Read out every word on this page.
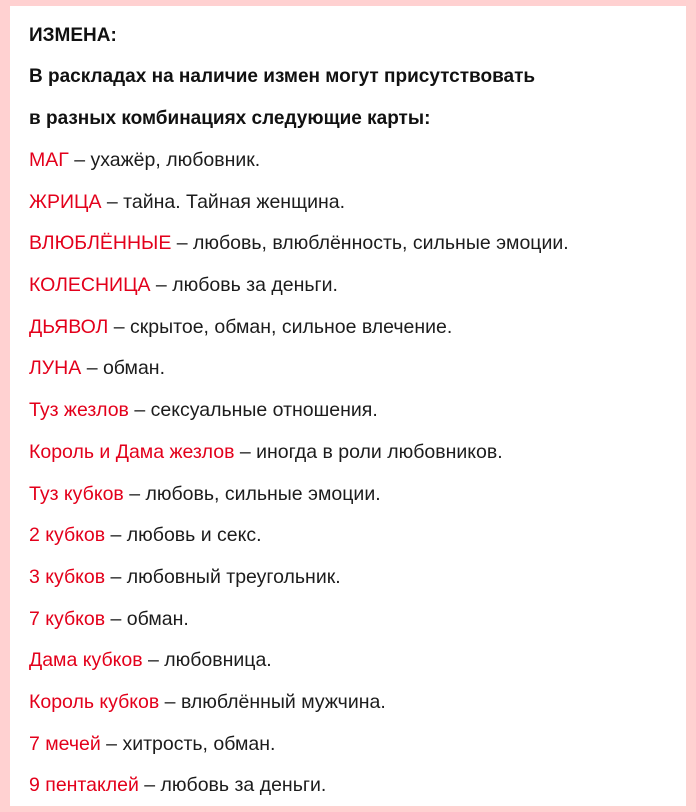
ИЗМЕНА:

В раскладах на наличие измен могут присутствовать

в разных комбинациях следующие карты:

МАГ – ухажёр, любовник.
ЖРИЦА – тайна. Тайная женщина.
ВЛЮБЛЁННЫЕ – любовь, влюблённость, сильные эмоции.
КОЛЕСНИЦА – любовь за деньги.
ДЬЯВОЛ – скрытое, обман, сильное влечение.
ЛУНА – обман.
Туз жезлов – сексуальные отношения.
Король и Дама жезлов – иногда в роли любовников.
Туз кубков – любовь, сильные эмоции.
2 кубков – любовь и секс.
3 кубков – любовный треугольник.
7 кубков – обман.
Дама кубков – любовница.
Король кубков – влюблённый мужчина.
7 мечей – хитрость, обман.
9 пентаклей – любовь за деньги.
